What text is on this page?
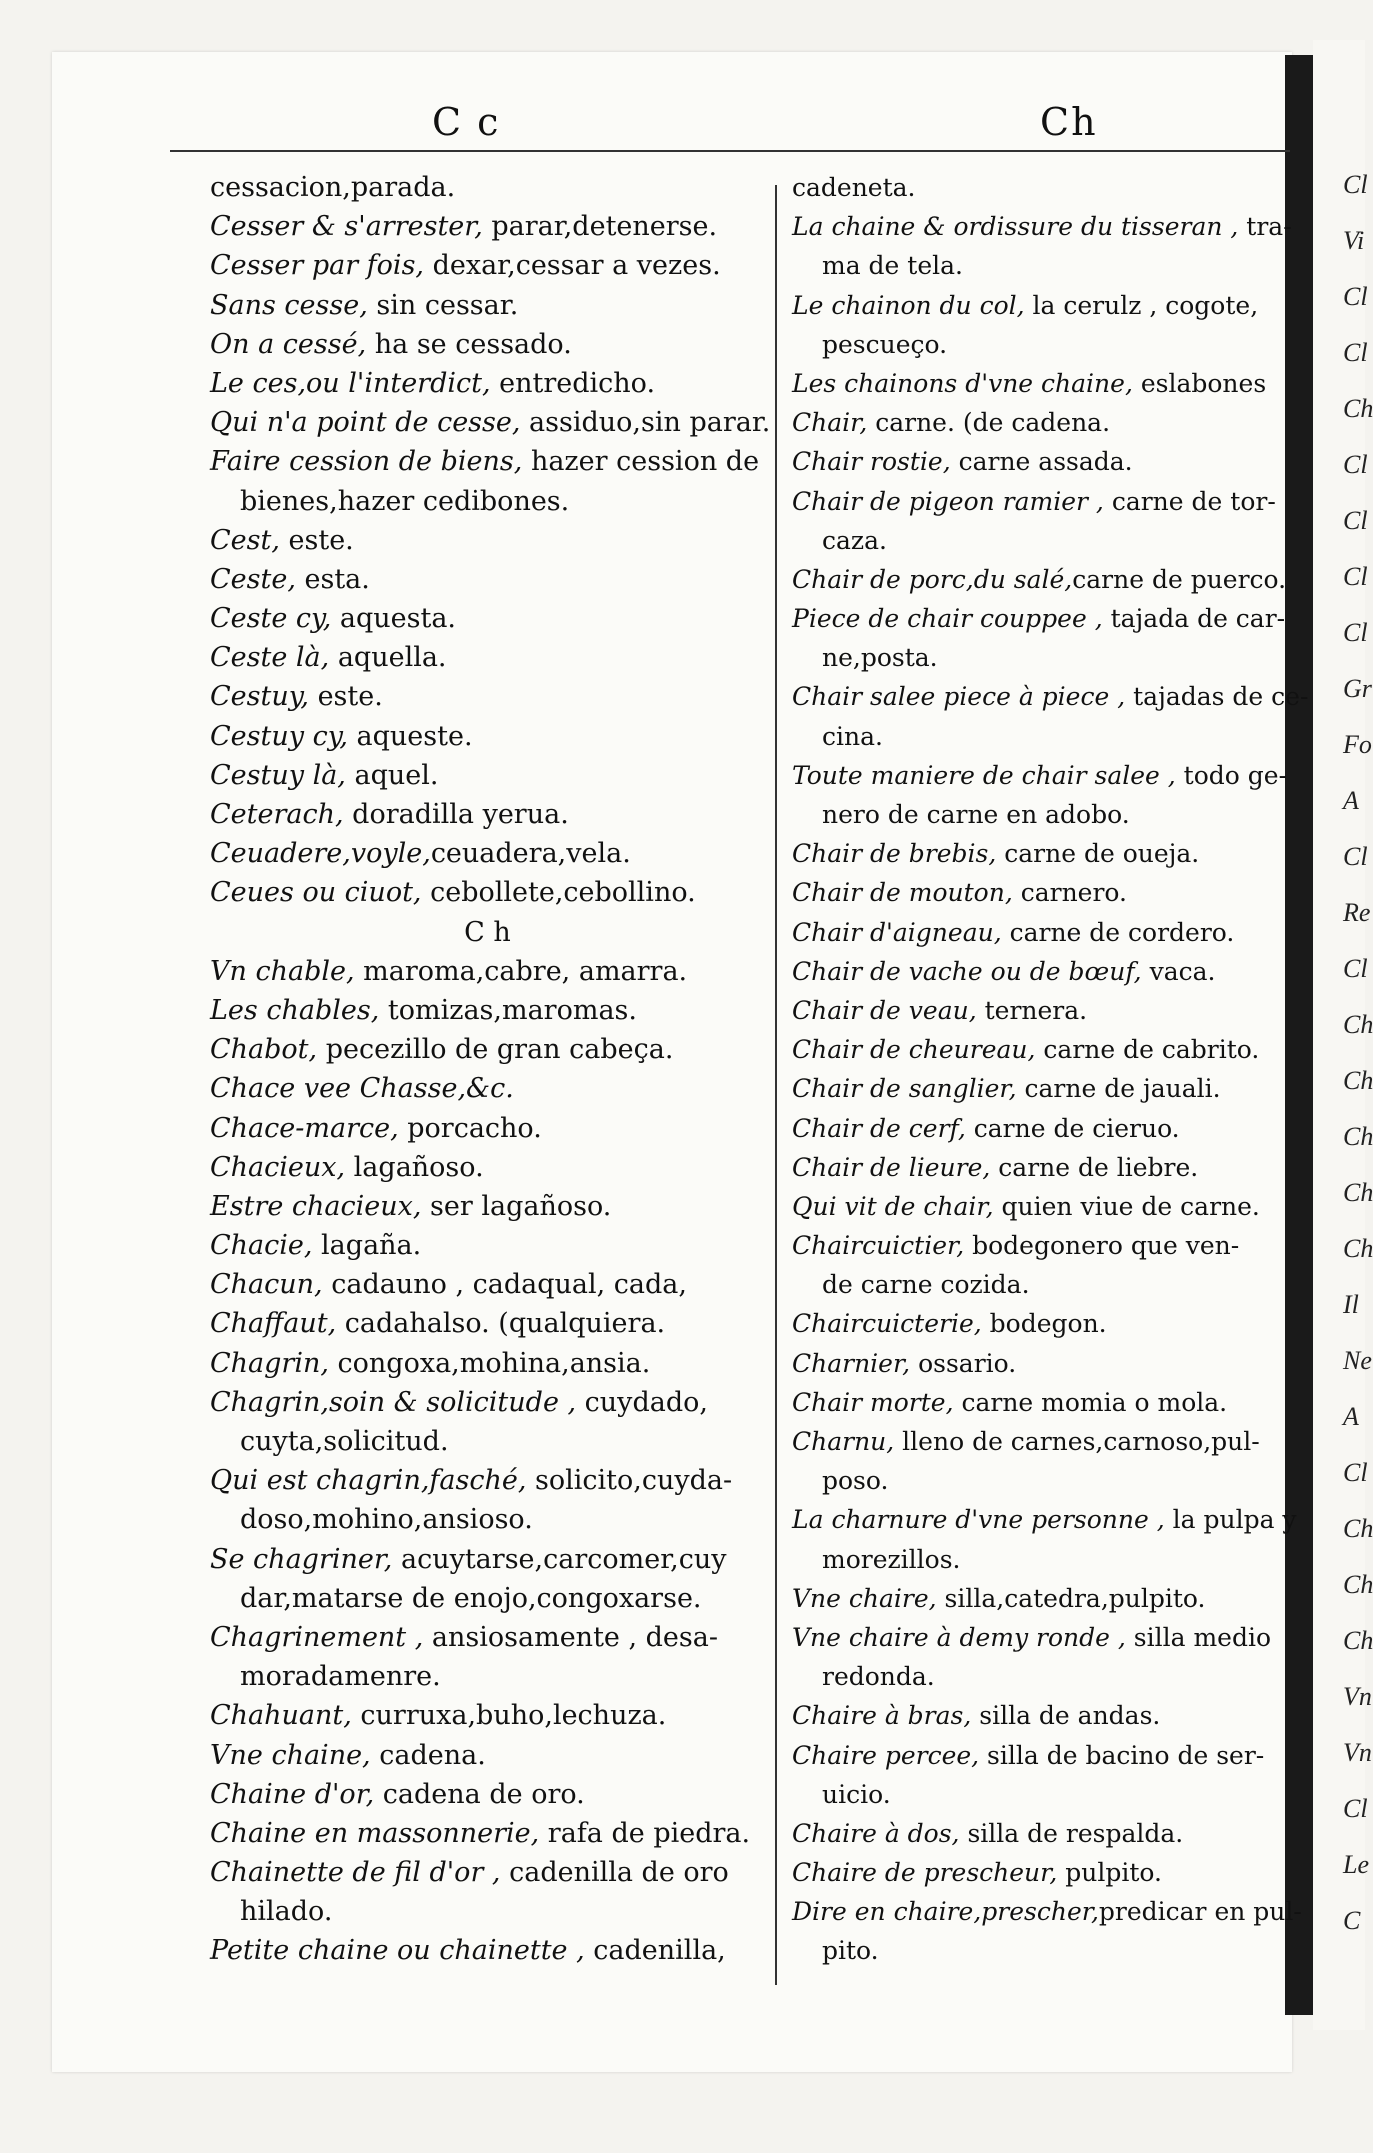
Cl
Vi
Cl
Cl
Ch
Cl
Cl
Cl
Cl
Gr
Fo
A
Cl
Re
Cl
Ch
Ch
Ch
Ch
Ch
Il
Ne
A
Cl
Ch
Ch
Ch
Vn
Vn
Cl
Le
C
C c	Ch
cessacion,parada.
Cesser & s'arrester, parar,detenerse.
Cesser par fois, dexar,cessar a vezes.
Sans cesse, sin cessar.
On a cessé, ha se cessado.
Le ces,ou l'interdict, entredicho.
Qui n'a point de cesse, assiduo,sin parar.
Faire cession de biens, hazer cession de
bienes,hazer cedibones.
Cest, este.
Ceste, esta.
Ceste cy, aquesta.
Ceste là, aquella.
Cestuy, este.
Cestuy cy, aqueste.
Cestuy là, aquel.
Ceterach, doradilla yerua.
Ceuadere,voyle,ceuadera,vela.
Ceues ou ciuot, cebollete,cebollino.
C h
Vn chable, maroma,cabre, amarra.
Les chables, tomizas,maromas.
Chabot, pecezillo de gran cabeça.
Chace vee Chasse,&c.
Chace-marce, porcacho.
Chacieux, lagañoso.
Estre chacieux, ser lagañoso.
Chacie, lagaña.
Chacun, cadauno , cadaqual, cada,
Chaffaut, cadahalso. (qualquiera.
Chagrin, congoxa,mohina,ansia.
Chagrin,soin & solicitude , cuydado,
cuyta,solicitud.
Qui est chagrin,fasché, solicito,cuyda-
doso,mohino,ansioso.
Se chagriner, acuytarse,carcomer,cuy
dar,matarse de enojo,congoxarse.
Chagrinement , ansiosamente , desa-
moradamenre.
Chahuant, curruxa,buho,lechuza.
Vne chaine, cadena.
Chaine d'or, cadena de oro.
Chaine en massonnerie, rafa de piedra.
Chainette de fil d'or , cadenilla de oro
hilado.
Petite chaine ou chainette , cadenilla,
cadeneta.
La chaine & ordissure du tisseran , tra-
ma de tela.
Le chainon du col, la cerulz , cogote,
pescueço.
Les chainons d'vne chaine, eslabones
Chair, carne. (de cadena.
Chair rostie, carne assada.
Chair de pigeon ramier , carne de tor-
caza.
Chair de porc,du salé,carne de puerco.
Piece de chair couppee , tajada de car-
ne,posta.
Chair salee piece à piece , tajadas de ce-
cina.
Toute maniere de chair salee , todo ge-
nero de carne en adobo.
Chair de brebis, carne de oueja.
Chair de mouton, carnero.
Chair d'aigneau, carne de cordero.
Chair de vache ou de bœuf, vaca.
Chair de veau, ternera.
Chair de cheureau, carne de cabrito.
Chair de sanglier, carne de jauali.
Chair de cerf, carne de cieruo.
Chair de lieure, carne de liebre.
Qui vit de chair, quien viue de carne.
Chaircuictier, bodegonero que ven-
de carne cozida.
Chaircuicterie, bodegon.
Charnier, ossario.
Chair morte, carne momia o mola.
Charnu, lleno de carnes,carnoso,pul-
poso.
La charnure d'vne personne , la pulpa y
morezillos.
Vne chaire, silla,catedra,pulpito.
Vne chaire à demy ronde , silla medio
redonda.
Chaire à bras, silla de andas.
Chaire percee, silla de bacino de ser-
uicio.
Chaire à dos, silla de respalda.
Chaire de prescheur, pulpito.
Dire en chaire,prescher,predicar en pul-
pito.
